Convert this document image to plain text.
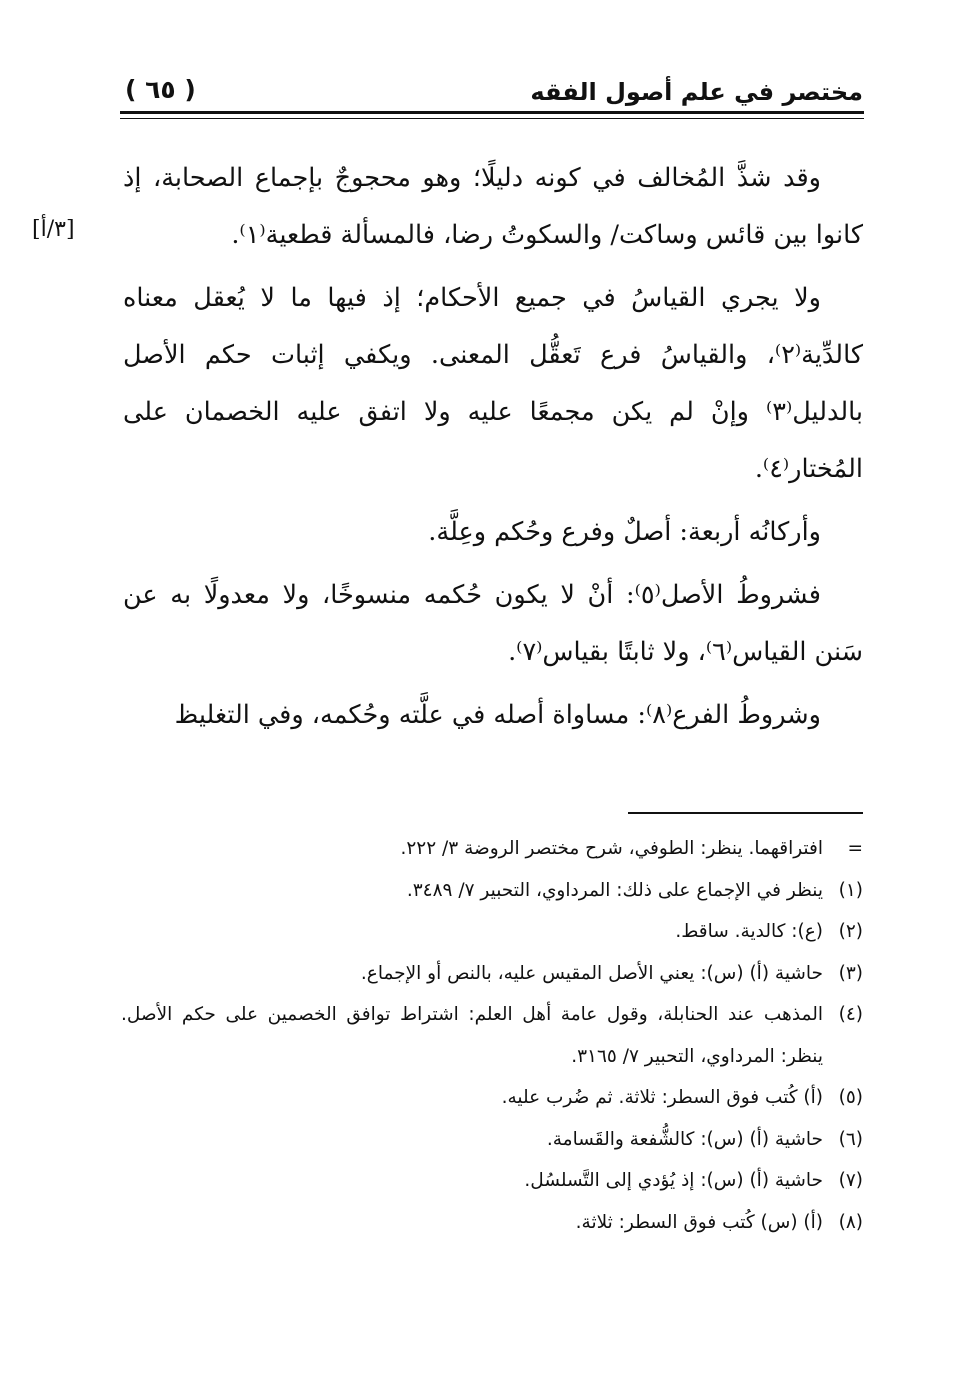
مختصر في علم أصول الفقه
( ٦٥ )
[٣/أ]

وقد شذَّ المُخالف في كونه دليلًا؛ وهو محجوجٌ بإجماع الصحابة، إذ كانوا بين قائس وساكت/ والسكوتُ رضا، فالمسألة قطعية⁽١⁾.

ولا يجري القياسُ في جميع الأحكام؛ إذ فيها ما لا يُعقل معناه كالدِّية⁽٢⁾، والقياسُ فرع تَعقُّل المعنى. ويكفي إثبات حكم الأصل بالدليل⁽٣⁾ وإنْ لم يكن مجمعًا عليه ولا اتفق عليه الخصمان على المُختار⁽٤⁾.

وأركانُه أربعة: أصلٌ وفرع وحُكم وعِلَّة.

فشروطُ الأصل⁽٥⁾: أنْ لا يكون حُكمه منسوخًا، ولا معدولًا به عن سَنن القياس⁽٦⁾، ولا ثابتًا بقياس⁽٧⁾.

وشروطُ الفرع⁽٨⁾: مساواة أصله في علَّته وحُكمه، وفي التغليظ

=
افتراقهما. ينظر: الطوفي، شرح مختصر الروضة ٣/ ٢٢٢.
(١)
ينظر في الإجماع على ذلك: المرداوي، التحبير ٧/ ٣٤٨٩.
(٢)
(ع): كالدية. ساقط.
(٣)
حاشية (أ) (س): يعني الأصل المقيس عليه، بالنص أو الإجماع.
(٤)
المذهب عند الحنابلة، وقول عامة أهل العلم: اشتراط توافق الخصمين على حكم الأصل. ينظر: المرداوي، التحبير ٧/ ٣١٦٥.
(٥)
(أ) كُتب فوق السطر: ثلاثة. ثم ضُرب عليه.
(٦)
حاشية (أ) (س): كالشُّفعة والقَسامة.
(٧)
حاشية (أ) (س): إذ يُؤدي إلى التَّسلسُل.
(٨)
(أ) (س) كُتب فوق السطر: ثلاثة.
